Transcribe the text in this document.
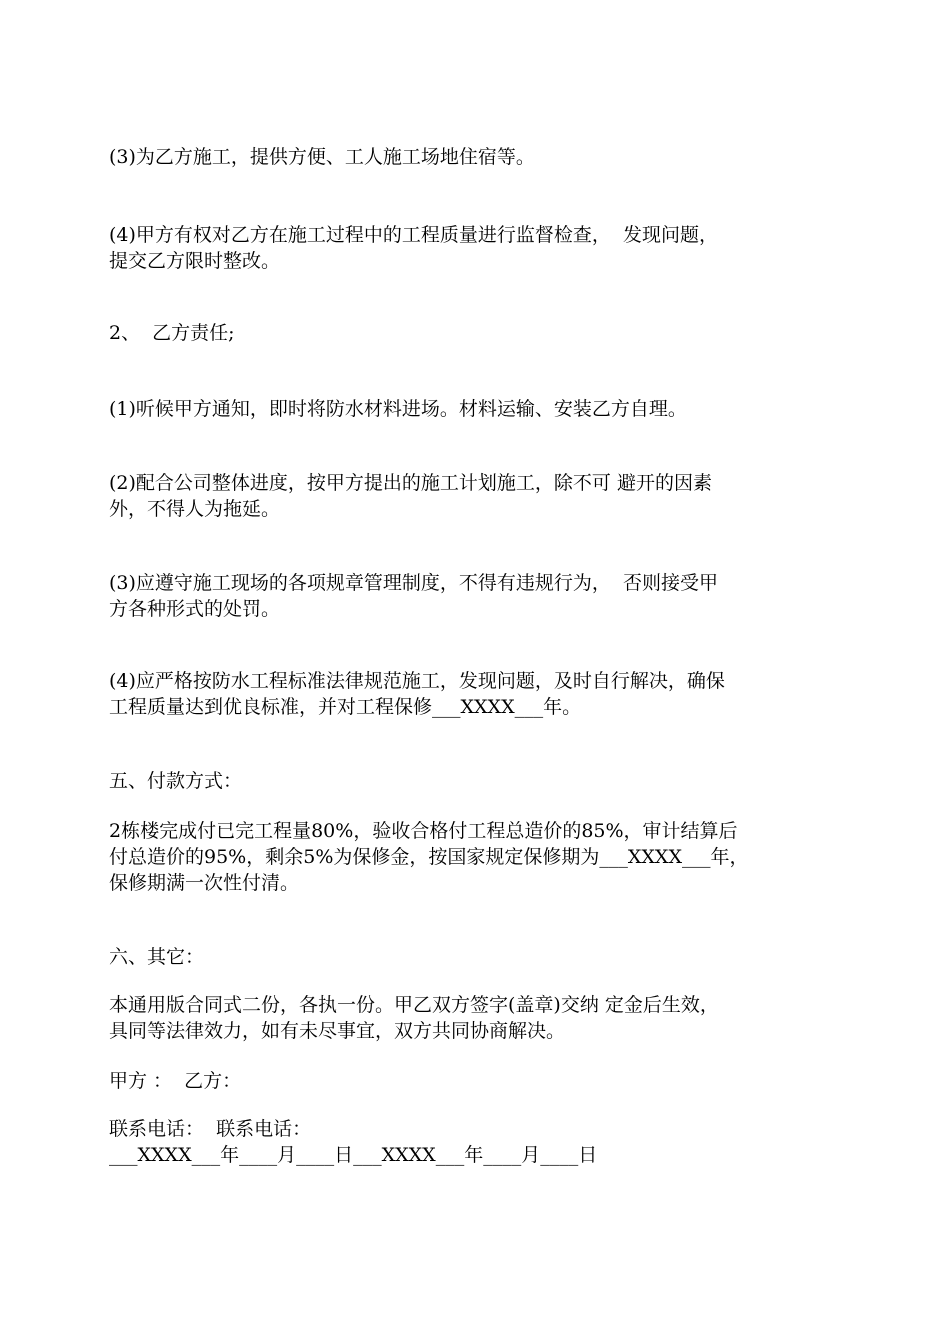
(3)为乙方施工，提供方便、工人施工场地住宿等。
(4)甲方有权对乙方在施工过程中的工程质量进行监督检查，  发现问题，
提交乙方限时整改。
2、  乙方责任;
(1)听候甲方通知，即时将防水材料进场。材料运输、安装乙方自理。
(2)配合公司整体进度，按甲方提出的施工计划施工，除不可 避开的因素
外，不得人为拖延。
(3)应遵守施工现场的各项规章管理制度，不得有违规行为，  否则接受甲
方各种形式的处罚。
(4)应严格按防水工程标准法律规范施工，发现问题，及时自行解决，确保
工程质量达到优良标准，并对工程保修___XXXX___年。
五、付款方式：
2栋楼完成付已完工程量80%，验收合格付工程总造价的85%，审计结算后
付总造价的95%，剩余5%为保修金，按国家规定保修期为___XXXX___年，
保修期满一次性付清。
六、其它：
本通用版合同式二份，各执一份。甲乙双方签字(盖章)交纳 定金后生效，
具同等法律效力，如有未尽事宜，双方共同协商解决。
甲方 ：  乙方：
联系电话：  联系电话：
___XXXX___年____月____日___XXXX___年____月____日
